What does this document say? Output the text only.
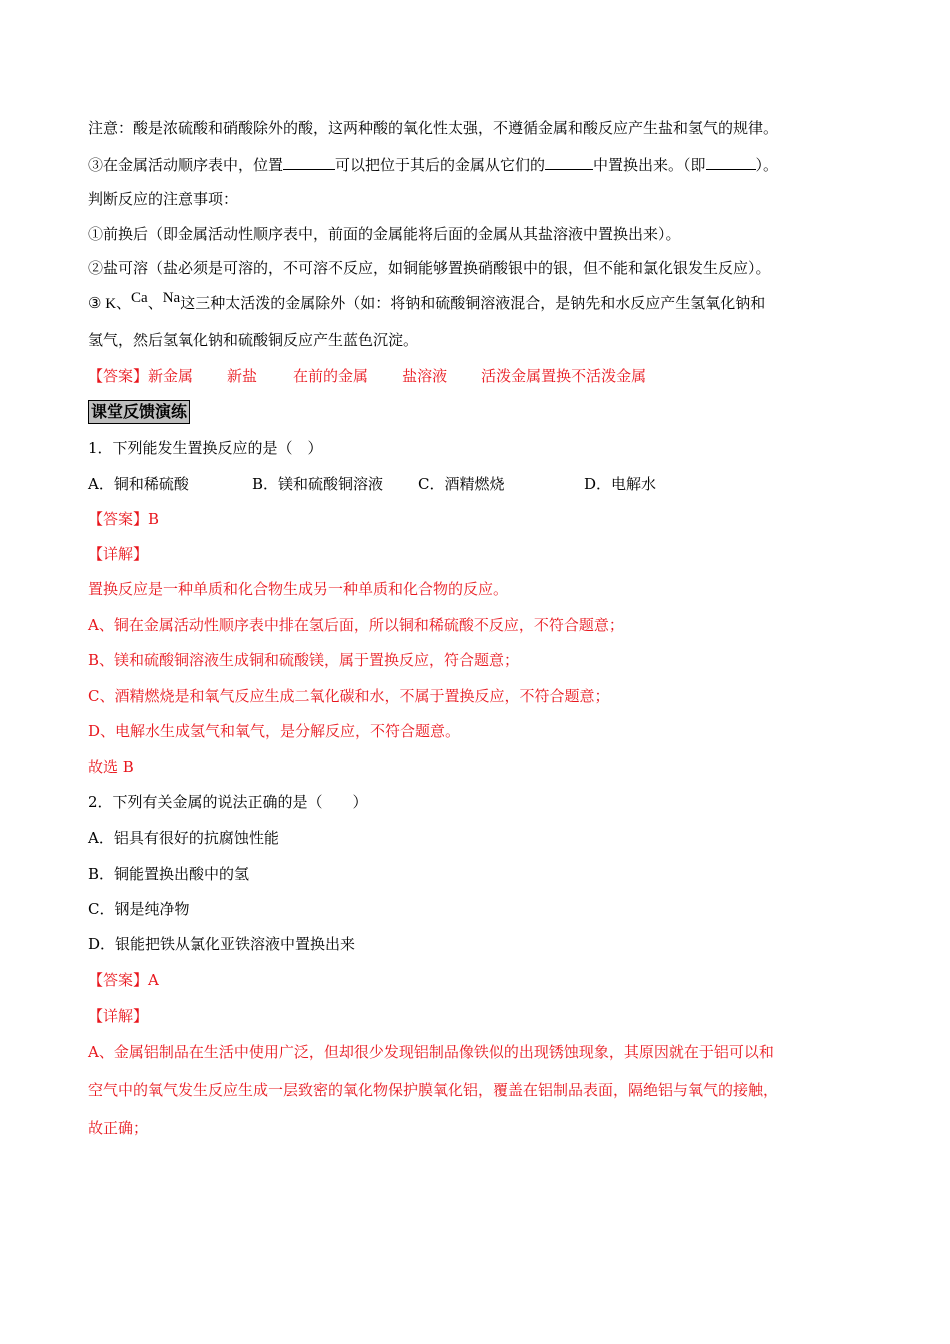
注意：酸是浓硫酸和硝酸除外的酸，这两种酸的氧化性太强，不遵循金属和酸反应产生盐和氢气的规律。
③在金属活动顺序表中，位置	可以把位于其后的金属从它们的	中置换出来。（即	）。
判断反应的注意事项：
①前换后（即金属活动性顺序表中，前面的金属能将后面的金属从其盐溶液中置换出来）。
②盐可溶（盐必须是可溶的，不可溶不反应，如铜能够置换硝酸银中的银，但不能和氯化银发生反应）。
③ K、Ca、Na这三种太活泼的金属除外（如：将钠和硫酸铜溶液混合，是钠先和水反应产生氢氧化钠和
氢气，然后氢氧化钠和硫酸铜反应产生蓝色沉淀。
【答案】新金属 新盐 在前的金属 盐溶液 活泼金属置换不活泼金属
课堂反馈演练
1．下列能发生置换反应的是（　）
A．铜和稀硫酸	B．镁和硫酸铜溶液 C．酒精燃烧	D．电解水
【答案】B
【详解】
置换反应是一种单质和化合物生成另一种单质和化合物的反应。
A、铜在金属活动性顺序表中排在氢后面，所以铜和稀硫酸不反应，不符合题意；
B、镁和硫酸铜溶液生成铜和硫酸镁，属于置换反应，符合题意；
C、酒精燃烧是和氧气反应生成二氧化碳和水，不属于置换反应，不符合题意；
D、电解水生成氢气和氧气，是分解反应，不符合题意。
故选 B
2．下列有关金属的说法正确的是（　　）
A．铝具有很好的抗腐蚀性能
B．铜能置换出酸中的氢
C．钢是纯净物
D．银能把铁从氯化亚铁溶液中置换出来
【答案】A
【详解】
A、金属铝制品在生活中使用广泛，但却很少发现铝制品像铁似的出现锈蚀现象，其原因就在于铝可以和
空气中的氧气发生反应生成一层致密的氧化物保护膜氧化铝，覆盖在铝制品表面，隔绝铝与氧气的接触，
故正确；
